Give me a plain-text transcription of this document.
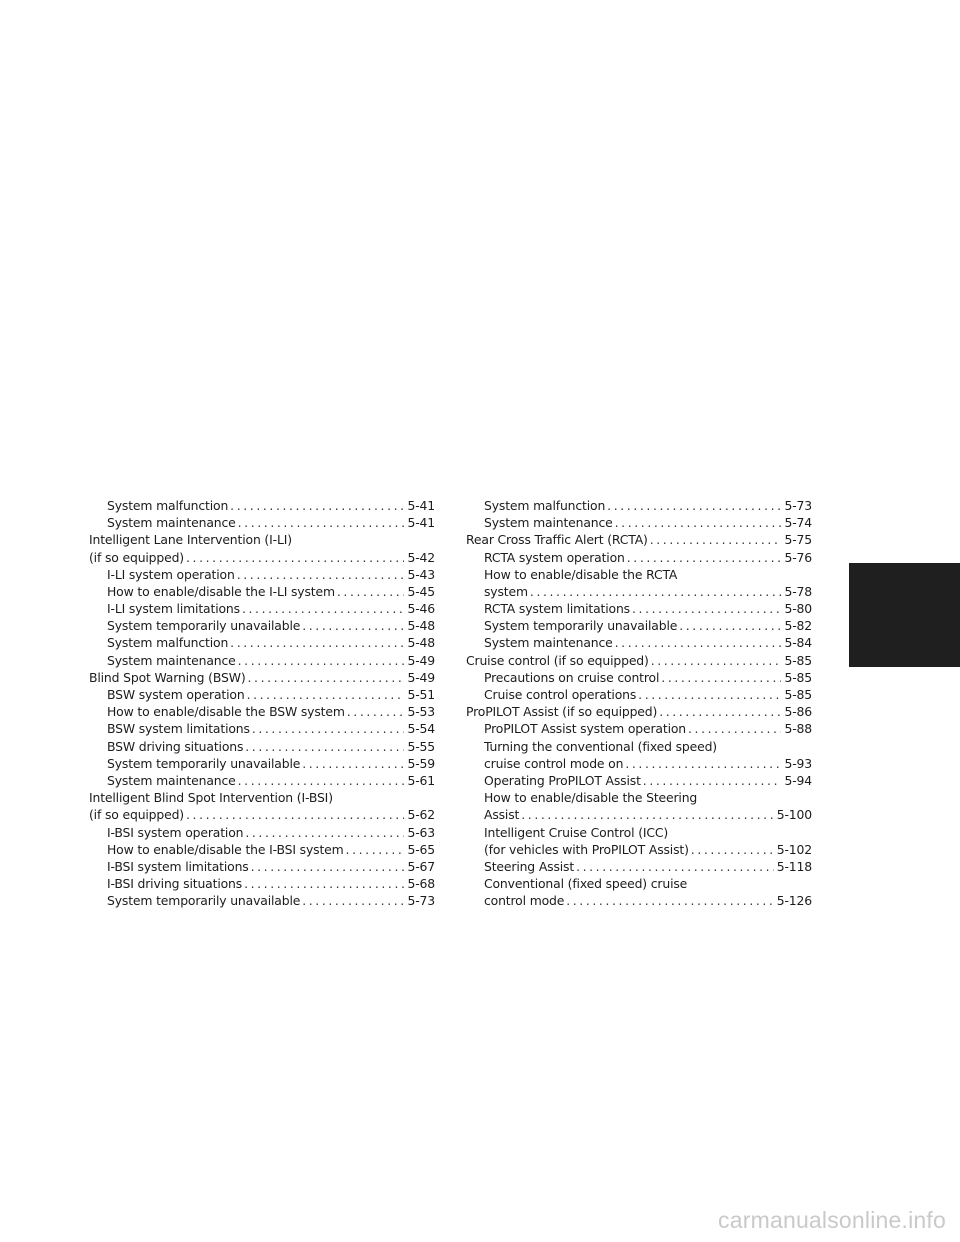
System malfunction .....	5-41
System maintenance .....	5-41
Intelligent Lane Intervention (I-LI)
(if so equipped) .....	5-42
I-LI system operation .....	5-43
How to enable/disable the I-LI system .....	5-45
I-LI system limitations .....	5-46
System temporarily unavailable .....	5-48
System malfunction .....	5-48
System maintenance .....	5-49
Blind Spot Warning (BSW) .....	5-49
BSW system operation .....	5-51
How to enable/disable the BSW system .....	5-53
BSW system limitations .....	5-54
BSW driving situations .....	5-55
System temporarily unavailable .....	5-59
System maintenance .....	5-61
Intelligent Blind Spot Intervention (I-BSI)
(if so equipped) .....	5-62
I-BSI system operation .....	5-63
How to enable/disable the I-BSI system .....	5-65
I-BSI system limitations .....	5-67
I-BSI driving situations .....	5-68
System temporarily unavailable .....	5-73
System malfunction .....	5-73
System maintenance .....	5-74
Rear Cross Traffic Alert (RCTA) .....	5-75
RCTA system operation .....	5-76
How to enable/disable the RCTA
system .....	5-78
RCTA system limitations .....	5-80
System temporarily unavailable .....	5-82
System maintenance .....	5-84
Cruise control (if so equipped) .....	5-85
Precautions on cruise control .....	5-85
Cruise control operations .....	5-85
ProPILOT Assist (if so equipped) .....	5-86
ProPILOT Assist system operation .....	5-88
Turning the conventional (fixed speed)
cruise control mode on .....	5-93
Operating ProPILOT Assist .....	5-94
How to enable/disable the Steering
Assist .....	5-100
Intelligent Cruise Control (ICC)
(for vehicles with ProPILOT Assist) .....	5-102
Steering Assist .....	5-118
Conventional (fixed speed) cruise
control mode .....	5-126
carmanualsonline.info
